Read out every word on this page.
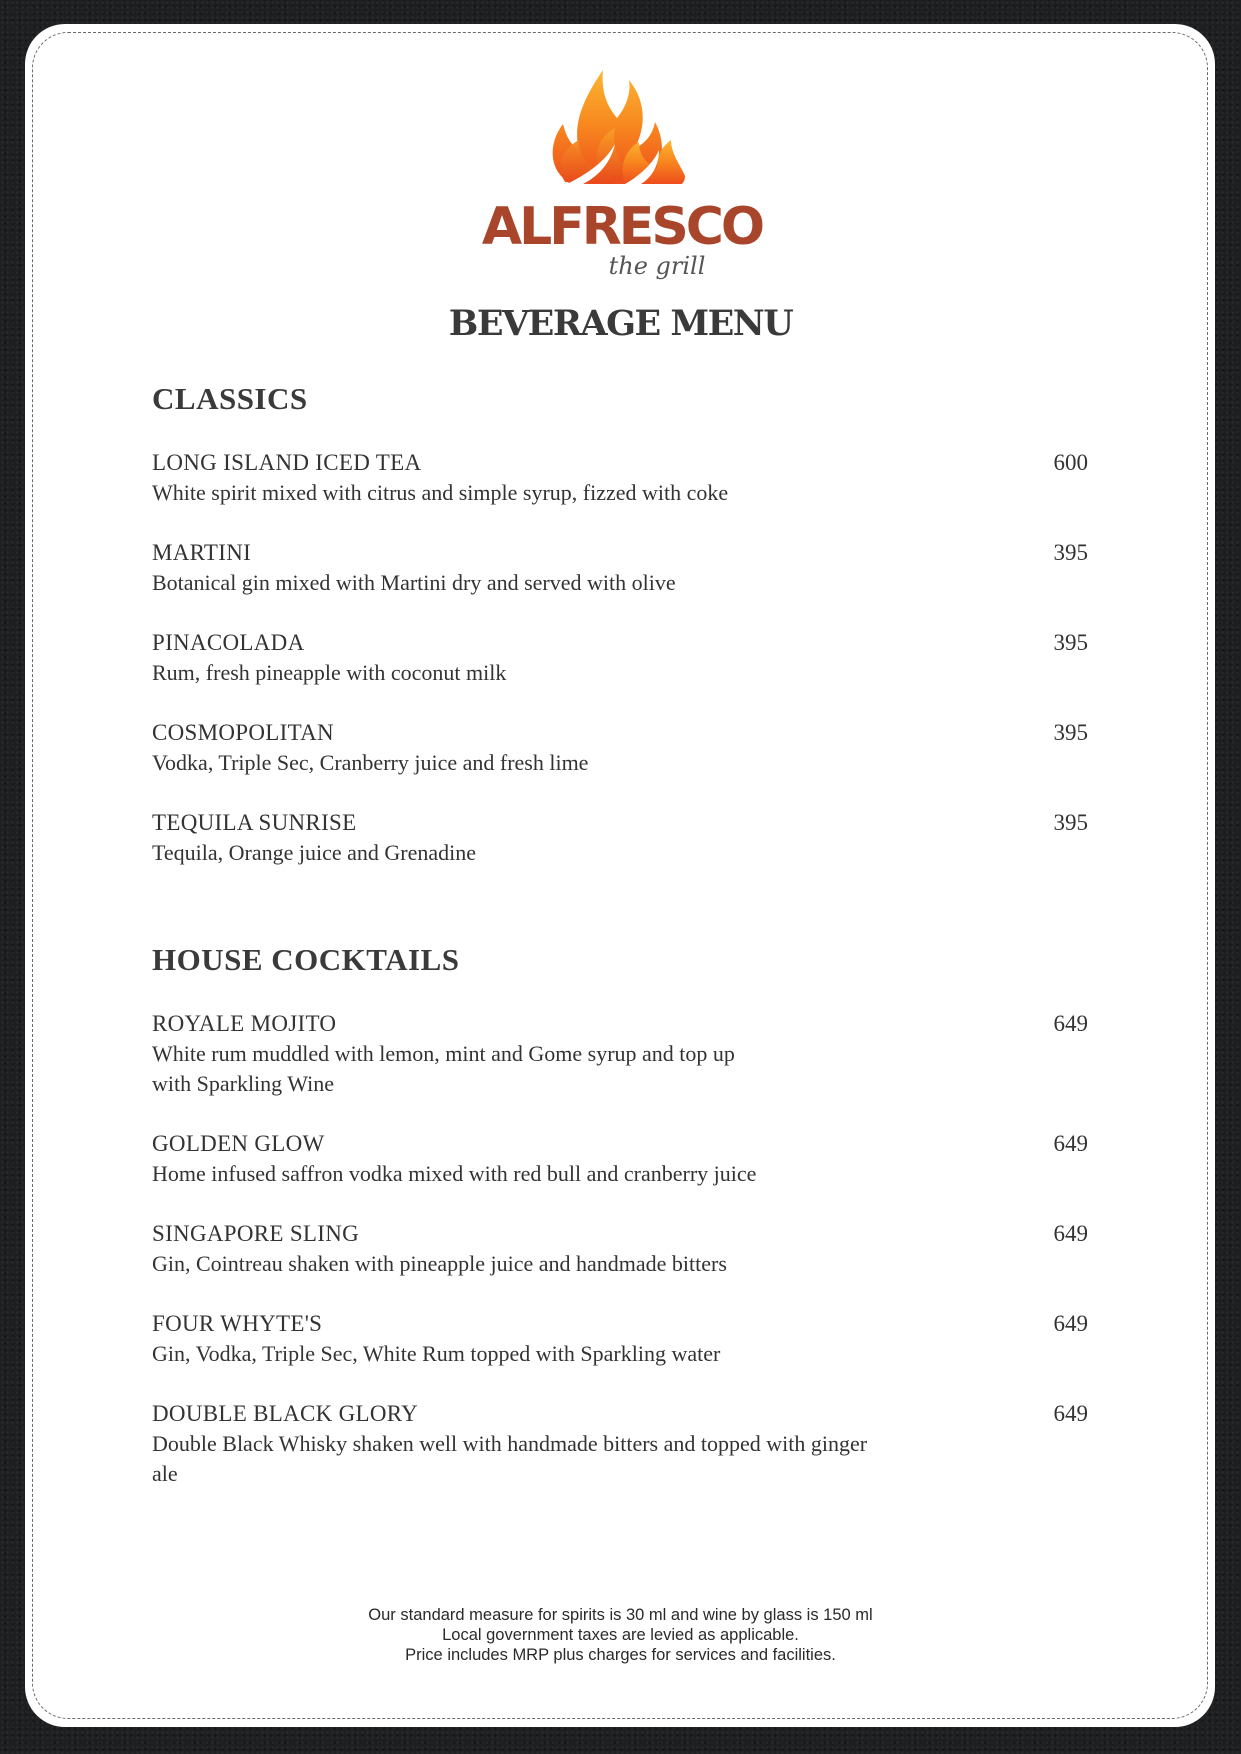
ALFRESCO
the grill
BEVERAGE MENU
CLASSICS
LONG ISLAND ICED TEA	600
White spirit mixed with citrus and simple syrup, fizzed with coke
MARTINI	395
Botanical gin mixed with Martini dry and served with olive
PINACOLADA	395
Rum, fresh pineapple with coconut milk
COSMOPOLITAN	395
Vodka, Triple Sec, Cranberry juice and fresh lime
TEQUILA SUNRISE	395
Tequila, Orange juice and Grenadine
HOUSE COCKTAILS
ROYALE MOJITO	649
White rum muddled with lemon, mint and Gome syrup and top up with Sparkling Wine
GOLDEN GLOW	649
Home infused saffron vodka mixed with red bull and cranberry juice
SINGAPORE SLING	649
Gin, Cointreau shaken with pineapple juice and handmade bitters
FOUR WHYTE'S	649
Gin, Vodka, Triple Sec, White Rum topped with Sparkling water
DOUBLE BLACK GLORY	649
Double Black Whisky shaken well with handmade bitters and topped with ginger ale
Our standard measure for spirits is 30 ml and wine by glass is 150 ml
Local government taxes are levied as applicable.
Price includes MRP plus charges for services and facilities.
